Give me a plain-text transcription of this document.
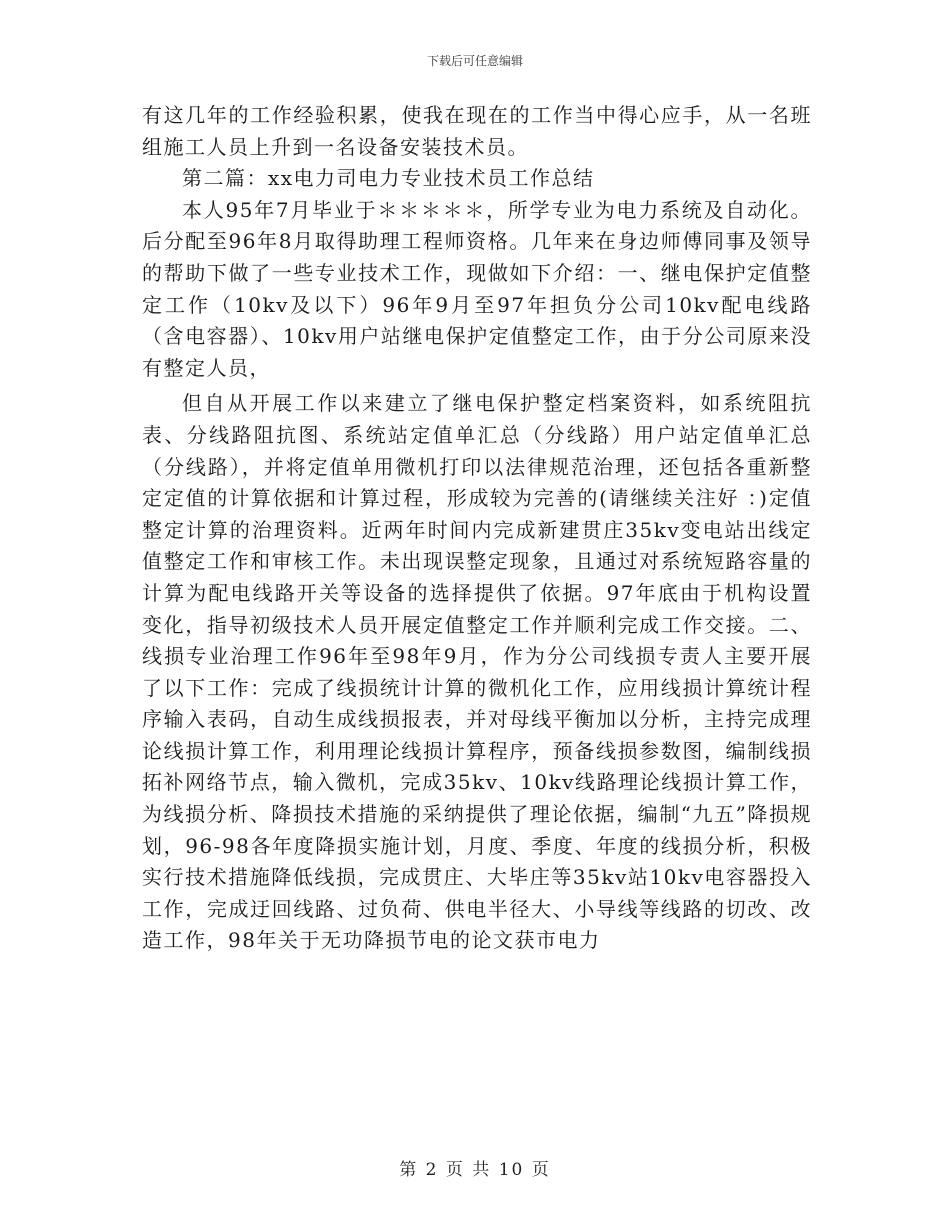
下载后可任意编辑

有这几年的工作经验积累，使我在现在的工作当中得心应手，从一名班组施工人员上升到一名设备安装技术员。

第二篇：xx电力司电力专业技术员工作总结

本人95年7月毕业于＊＊＊＊＊，所学专业为电力系统及自动化。后分配至96年8月取得助理工程师资格。几年来在身边师傅同事及领导的帮助下做了一些专业技术工作，现做如下介绍：一、继电保护定值整定工作（10kv及以下）96年9月至97年担负分公司10kv配电线路（含电容器）、10kv用户站继电保护定值整定工作，由于分公司原来没有整定人员，

但自从开展工作以来建立了继电保护整定档案资料，如系统阻抗表、分线路阻抗图、系统站定值单汇总（分线路）用户站定值单汇总（分线路），并将定值单用微机打印以法律规范治理，还包括各重新整定定值的计算依据和计算过程，形成较为完善的(请继续关注好 ：)定值整定计算的治理资料。近两年时间内完成新建贯庄35kv变电站出线定值整定工作和审核工作。未出现误整定现象，且通过对系统短路容量的计算为配电线路开关等设备的选择提供了依据。97年底由于机构设置变化，指导初级技术人员开展定值整定工作并顺利完成工作交接。二、线损专业治理工作96年至98年9月，作为分公司线损专责人主要开展了以下工作：完成了线损统计计算的微机化工作，应用线损计算统计程序输入表码，自动生成线损报表，并对母线平衡加以分析，主持完成理论线损计算工作，利用理论线损计算程序，预备线损参数图，编制线损拓补网络节点，输入微机，完成35kv、10kv线路理论线损计算工作，为线损分析、降损技术措施的采纳提供了理论依据，编制“九五”降损规划，96-98各年度降损实施计划，月度、季度、年度的线损分析，积极实行技术措施降低线损，完成贯庄、大毕庄等35kv站10kv电容器投入工作，完成迂回线路、过负荷、供电半径大、小导线等线路的切改、改造工作，98年关于无功降损节电的论文获市电力

第 2 页 共 10 页
